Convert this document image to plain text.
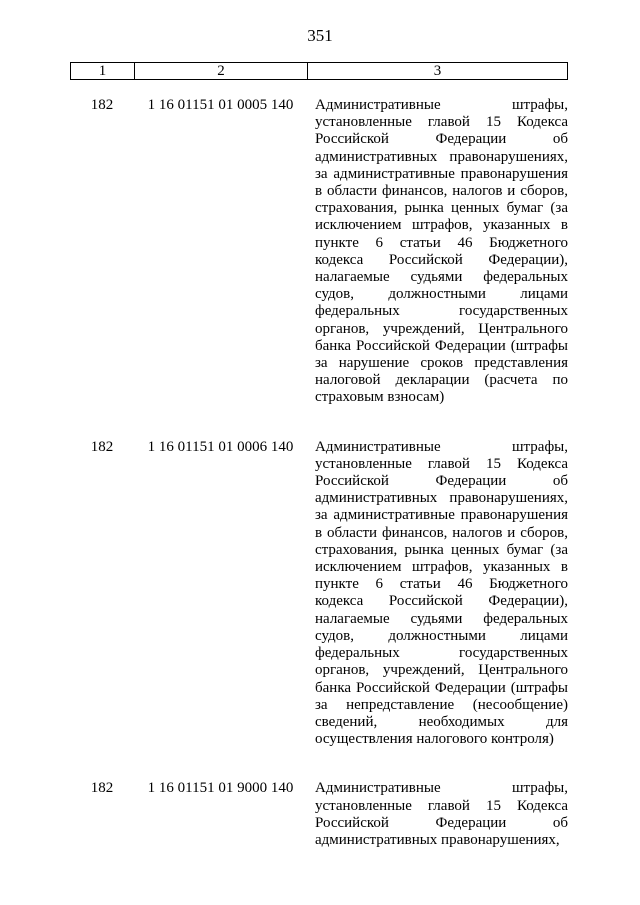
351
1	2	3
182	1 16 01151 01 0005 140	Административные штрафы,
установленные главой 15 Кодекса
Российской Федерации об
административных правонарушениях,
за административные правонарушения
в области финансов, налогов и сборов,
страхования, рынка ценных бумаг (за
исключением штрафов, указанных в
пункте 6 статьи 46 Бюджетного
кодекса Российской Федерации),
налагаемые судьями федеральных
судов, должностными лицами
федеральных государственных
органов, учреждений, Центрального
банка Российской Федерации (штрафы
за нарушение сроков представления
налоговой декларации (расчета по
страховым взносам)
182	1 16 01151 01 0006 140	Административные штрафы,
установленные главой 15 Кодекса
Российской Федерации об
административных правонарушениях,
за административные правонарушения
в области финансов, налогов и сборов,
страхования, рынка ценных бумаг (за
исключением штрафов, указанных в
пункте 6 статьи 46 Бюджетного
кодекса Российской Федерации),
налагаемые судьями федеральных
судов, должностными лицами
федеральных государственных
органов, учреждений, Центрального
банка Российской Федерации (штрафы
за непредставление (несообщение)
сведений, необходимых для
осуществления налогового контроля)
182	1 16 01151 01 9000 140	Административные штрафы,
установленные главой 15 Кодекса
Российской Федерации об
административных правонарушениях,
